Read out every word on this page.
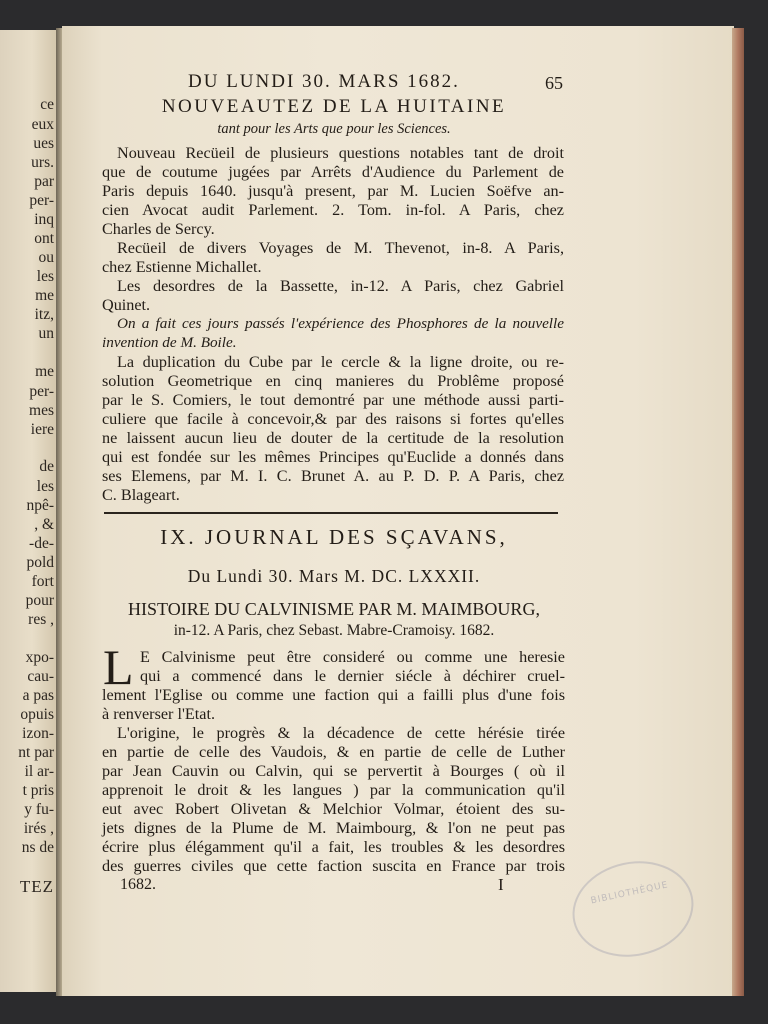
ce
eux
ues
urs.
par
per-
inq
ont
ou
les
me
itz,
un
me
per-
mes
iere
de
les
npê-
, &
-de-
pold
fort
pour
res ,
xpo-
cau-
a pas
opuis
izon-
nt par
il ar-
t pris
y fu-
irés ,
ns de
TEZ
DU LUNDI 30. MARS 1682.	65
NOUVEAUTEZ DE LA HUITAINE
tant pour les Arts que pour les Sciences.
Nouveau Recüeil de plusieurs questions notables tant de droit
que de coutume jugées par Arrêts d'Audience du Parlement de
Paris depuis 1640. jusqu'à present, par M. Lucien Soëfve an-
cien Avocat audit Parlement. 2. Tom. in-fol. A Paris, chez
Charles de Sercy.
Recüeil de divers Voyages de M. Thevenot, in-8. A Paris,
chez Estienne Michallet.
Les desordres de la Bassette, in-12. A Paris, chez Gabriel
Quinet.
On a fait ces jours passés l'expérience des Phosphores de la nouvelle
invention de M. Boile.
La duplication du Cube par le cercle & la ligne droite, ou re-
solution Geometrique en cinq manieres du Problême proposé
par le S. Comiers, le tout demontré par une méthode aussi parti-
culiere que facile à concevoir,& par des raisons si fortes qu'elles
ne laissent aucun lieu de douter de la certitude de la resolution
qui est fondée sur les mêmes Principes qu'Euclide a donnés dans
ses Elemens, par M. I. C. Brunet A. au P. D. P. A Paris, chez
C. Blageart.
IX. JOURNAL DES SÇAVANS,
Du Lundi 30. Mars M. DC. LXXXII.
HISTOIRE DU CALVINISME PAR M. MAIMBOURG,
in-12. A Paris, chez Sebast. Mabre-Cramoisy. 1682.
L E Calvinisme peut être consideré ou comme une heresie
qui a commencé dans le dernier siécle à déchirer cruel-
lement l'Eglise ou comme une faction qui a failli plus d'une fois
à renverser l'Etat.
L'origine, le progrès & la décadence de cette hérésie tirée
en partie de celle des Vaudois, & en partie de celle de Luther
par Jean Cauvin ou Calvin, qui se pervertit à Bourges ( où il
apprenoit le droit & les langues ) par la communication qu'il
eut avec Robert Olivetan & Melchior Volmar, étoient des su-
jets dignes de la Plume de M. Maimbourg, & l'on ne peut pas
écrire plus élégamment qu'il a fait, les troubles & les desordres
des guerres civiles que cette faction suscita en France par trois
1682.	I	BIBLIOTHÈQUE
